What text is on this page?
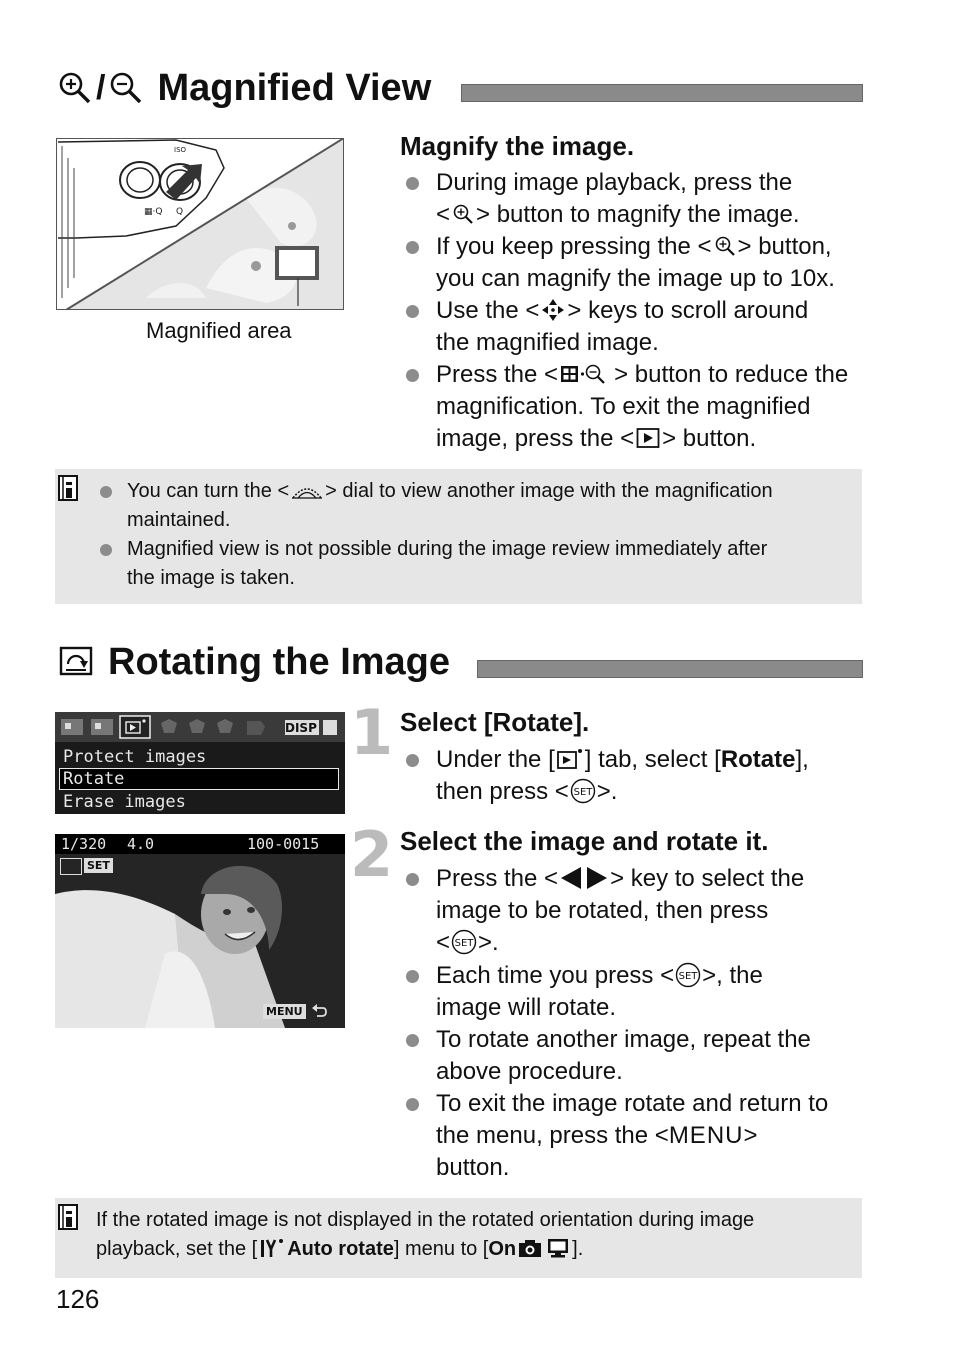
/ Magnified View
▦·Q Q
ISO
Magnified area
Magnify the image.
During image playback, press the
< > button to magnify the image.
If you keep pressing the < > button,
you can magnify the image up to 10x.
Use the < > keys to scroll around
the magnified image.
Press the < > button to reduce the
magnification. To exit the magnified
image, press the < > button.
You can turn the < > dial to view another image with the magnification
maintained.
Magnified view is not possible during the image review immediately after
the image is taken.
Rotating the Image
DISP
Protect images
Rotate
Erase images
1 Select [Rotate].
Under the [ ] tab, select [Rotate],
then press < SET >.
1/320 4.0	100-0015
SET
MENU
2 Select the image and rotate it.
Press the < > key to select the
image to be rotated, then press
< SET >.
Each time you press < SET >, the
image will rotate.
To rotate another image, repeat the
above procedure.
To exit the image rotate and return to
the menu, press the <MENU>
button.
If the rotated image is not displayed in the rotated orientation during image
playback, set the [ Auto rotate] menu to [On	].
126
